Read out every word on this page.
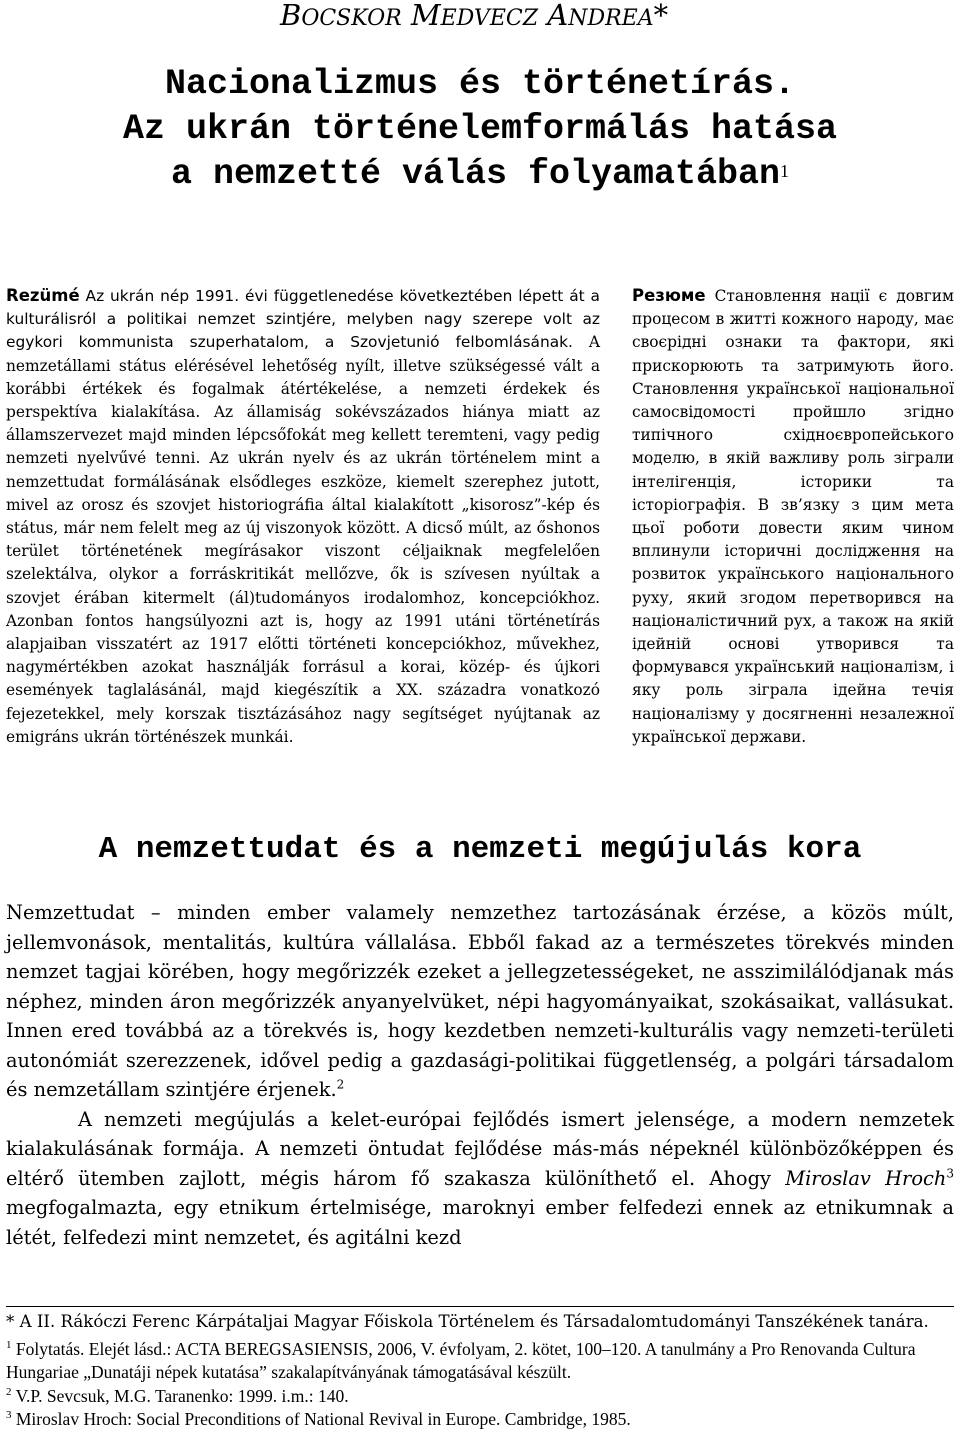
BOCSKOR MEDVECZ ANDREA*
Nacionalizmus és történetírás.
Az ukrán történelemformálás hatása
a nemzetté válás folyamatában$^1$
Rezümé Az ukrán nép 1991. évi függetlenedése következtében lépett át a kulturálisról a politikai nemzet szintjére, melyben nagy szerepe volt az egykori kommunista szuperhatalom, a Szovjetunió felbomlásának. A nemzetállami státus elérésével lehetőség nyílt, illetve szükségessé vált a korábbi értékek és fogalmak átértékelése, a nemzeti érdekek és perspektíva kialakítása. Az államiság sokévszázados hiánya miatt az államszervezet majd minden lépcsőfokát meg kellett teremteni, vagy pedig nemzeti nyelvűvé tenni. Az ukrán nyelv és az ukrán történelem mint a nemzettudat formálásának elsődleges eszköze, kiemelt szerephez jutott, mivel az orosz és szovjet historiográfia által kialakított „kisorosz”-kép és státus, már nem felelt meg az új viszonyok között. A dicső múlt, az őshonos terület történetének megírásakor viszont céljaiknak megfelelően szelektálva, olykor a forráskritikát mellőzve, ők is szívesen nyúltak a szovjet érában kitermelt (ál)tudományos irodalomhoz, koncepciókhoz. Azonban fontos hangsúlyozni azt is, hogy az 1991 utáni történetírás alapjaiban visszatért az 1917 előtti történeti koncepciókhoz, művekhez, nagymértékben azokat használják forrásul a korai, közép- és újkori események taglalásánál, majd kiegészítik a XX. századra vonatkozó fejezetekkel, mely korszak tisztázásához nagy segítséget nyújtanak az emigráns ukrán történészek munkái.
Резюме Становлення нації є довгим процесом в житті кожного народу, має своєрідні ознаки та фактори, які прискорюють та затримують його. Становлення української національної самосвідомості пройшло згідно типічного східноєвропейського моделю, в якій важливу роль зіграли інтелігенція, історики та історіографія. В зв’язку з цим мета цьої роботи довести яким чином вплинули історичні дослідження на розвиток українського національного руху, який згодом перетворився на націоналістичний рух, а також на якій ідейній основі утворився та формувався український націоналізм, і яку роль зіграла ідейна течія націоналізму у досягненні незалежної української держави.
A nemzettudat és a nemzeti megújulás kora

Nemzettudat – minden ember valamely nemzethez tartozásának érzése, a közös múlt, jellemvonások, mentalitás, kultúra vállalása. Ebből fakad az a természetes törekvés minden nemzet tagjai körében, hogy megőrizzék ezeket a jellegzetességeket, ne asszimilálódjanak más néphez, minden áron megőrizzék anyanyelvüket, népi hagyományaikat, szokásaikat, vallásukat. Innen ered továbbá az a törekvés is, hogy kezdetben nemzeti-kulturális vagy nemzeti-területi autonómiát szerezzenek, idővel pedig a gazdasági-politikai függetlenség, a polgári társadalom és nemzetállam szintjére érjenek.$^2$

A nemzeti megújulás a kelet-európai fejlődés ismert jelensége, a modern nemzetek kialakulásának formája. A nemzeti öntudat fejlődése más-más népeknél különbözőképpen és eltérő ütemben zajlott, mégis három fő szakasza különíthető el. Ahogy Miroslav Hroch$^3$ megfogalmazta, egy etnikum értelmisége, maroknyi ember felfedezi ennek az etnikumnak a létét, felfedezi mint nemzetet, és agitálni kezd

* A II. Rákóczi Ferenc Kárpátaljai Magyar Főiskola Történelem és Társadalomtudományi Tanszékének tanára.

$^1$ Folytatás. Elejét lásd.: ACTA BEREGSASIENSIS, 2006, V. évfolyam, 2. kötet, 100–120. A tanulmány a Pro Renovanda Cultura Hungariae „Dunatáji népek kutatása” szakalapítványának támogatásával készült.

$^2$ V.P. Sevcsuk, M.G. Taranenko: 1999. i.m.: 140.

$^3$ Miroslav Hroch: Social Preconditions of National Revival in Europe. Cambridge, 1985.
